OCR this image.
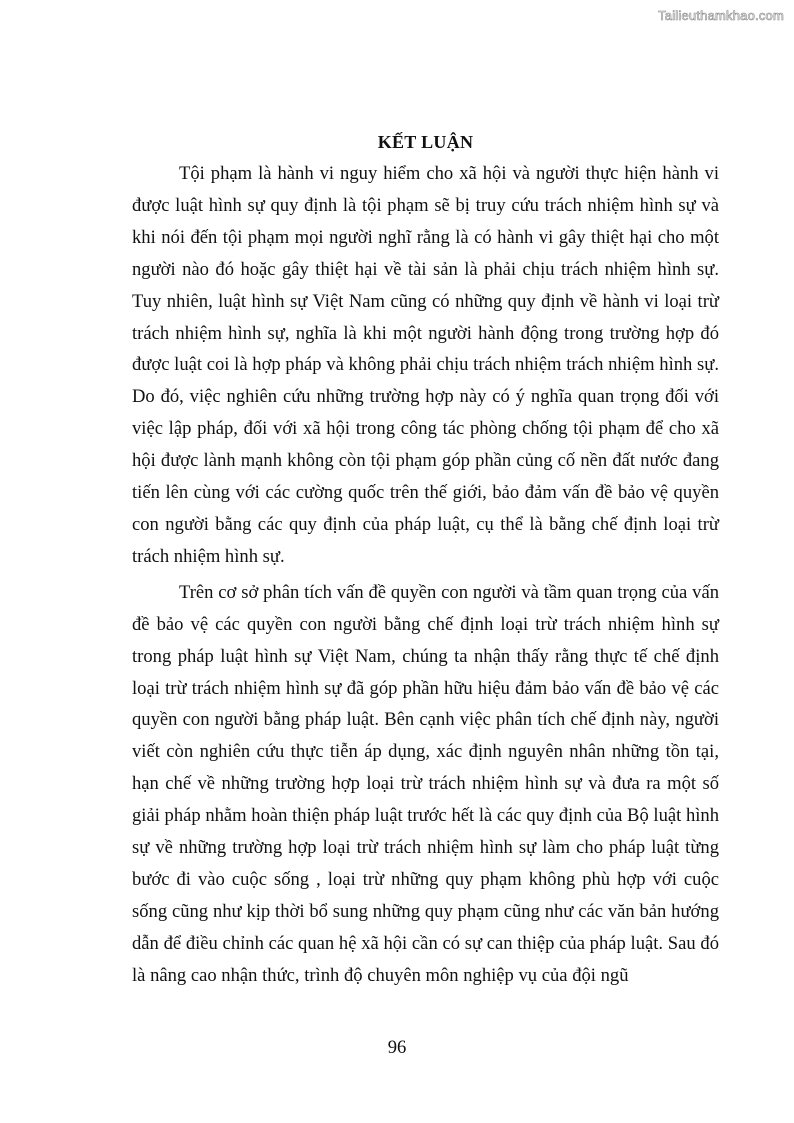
Tailieuthamkhao.com
KẾT LUẬN

Tội phạm là hành vi nguy hiểm cho xã hội và người thực hiện hành vi được luật hình sự quy định là tội phạm sẽ bị truy cứu trách nhiệm hình sự và khi nói đến tội phạm mọi người nghĩ rằng là có hành vi gây thiệt hại cho một người nào đó hoặc gây thiệt hại về tài sản là phải chịu trách nhiệm hình sự. Tuy nhiên, luật hình sự Việt Nam cũng có những quy định về hành vi loại trừ trách nhiệm hình sự, nghĩa là khi một người hành động trong trường hợp đó được luật coi là hợp pháp và không phải chịu trách nhiệm trách nhiệm hình sự. Do đó, việc nghiên cứu những trường hợp này có ý nghĩa quan trọng đối với việc lập pháp, đối với xã hội trong công tác phòng chống tội phạm để cho xã hội được lành mạnh không còn tội phạm góp phần củng cố nền đất nước đang tiến lên cùng với các cường quốc trên thế giới, bảo đảm vấn đề bảo vệ quyền con người bằng các quy định của pháp luật, cụ thể là bằng chế định loại trừ trách nhiệm hình sự.

Trên cơ sở phân tích vấn đề quyền con người và tầm quan trọng của vấn đề bảo vệ các quyền con người bằng chế định loại trừ trách nhiệm hình sự trong pháp luật hình sự Việt Nam, chúng ta nhận thấy rằng thực tế chế định loại trừ trách nhiệm hình sự đã góp phần hữu hiệu đảm bảo vấn đề bảo vệ các quyền con người bằng pháp luật. Bên cạnh việc phân tích chế định này, người viết còn nghiên cứu thực tiễn áp dụng, xác định nguyên nhân những tồn tại, hạn chế về những trường hợp loại trừ trách nhiệm hình sự và đưa ra một số giải pháp nhằm hoàn thiện pháp luật trước hết là các quy định của Bộ luật hình sự về những trường hợp loại trừ trách nhiệm hình sự làm cho pháp luật từng bước đi vào cuộc sống , loại trừ những quy phạm không phù hợp với cuộc sống cũng như kịp thời bổ sung những quy phạm cũng như các văn bản hướng dẫn để điều chỉnh các quan hệ xã hội cần có sự can thiệp của pháp luật. Sau đó là nâng cao nhận thức, trình độ chuyên môn nghiệp vụ của đội ngũ

96
